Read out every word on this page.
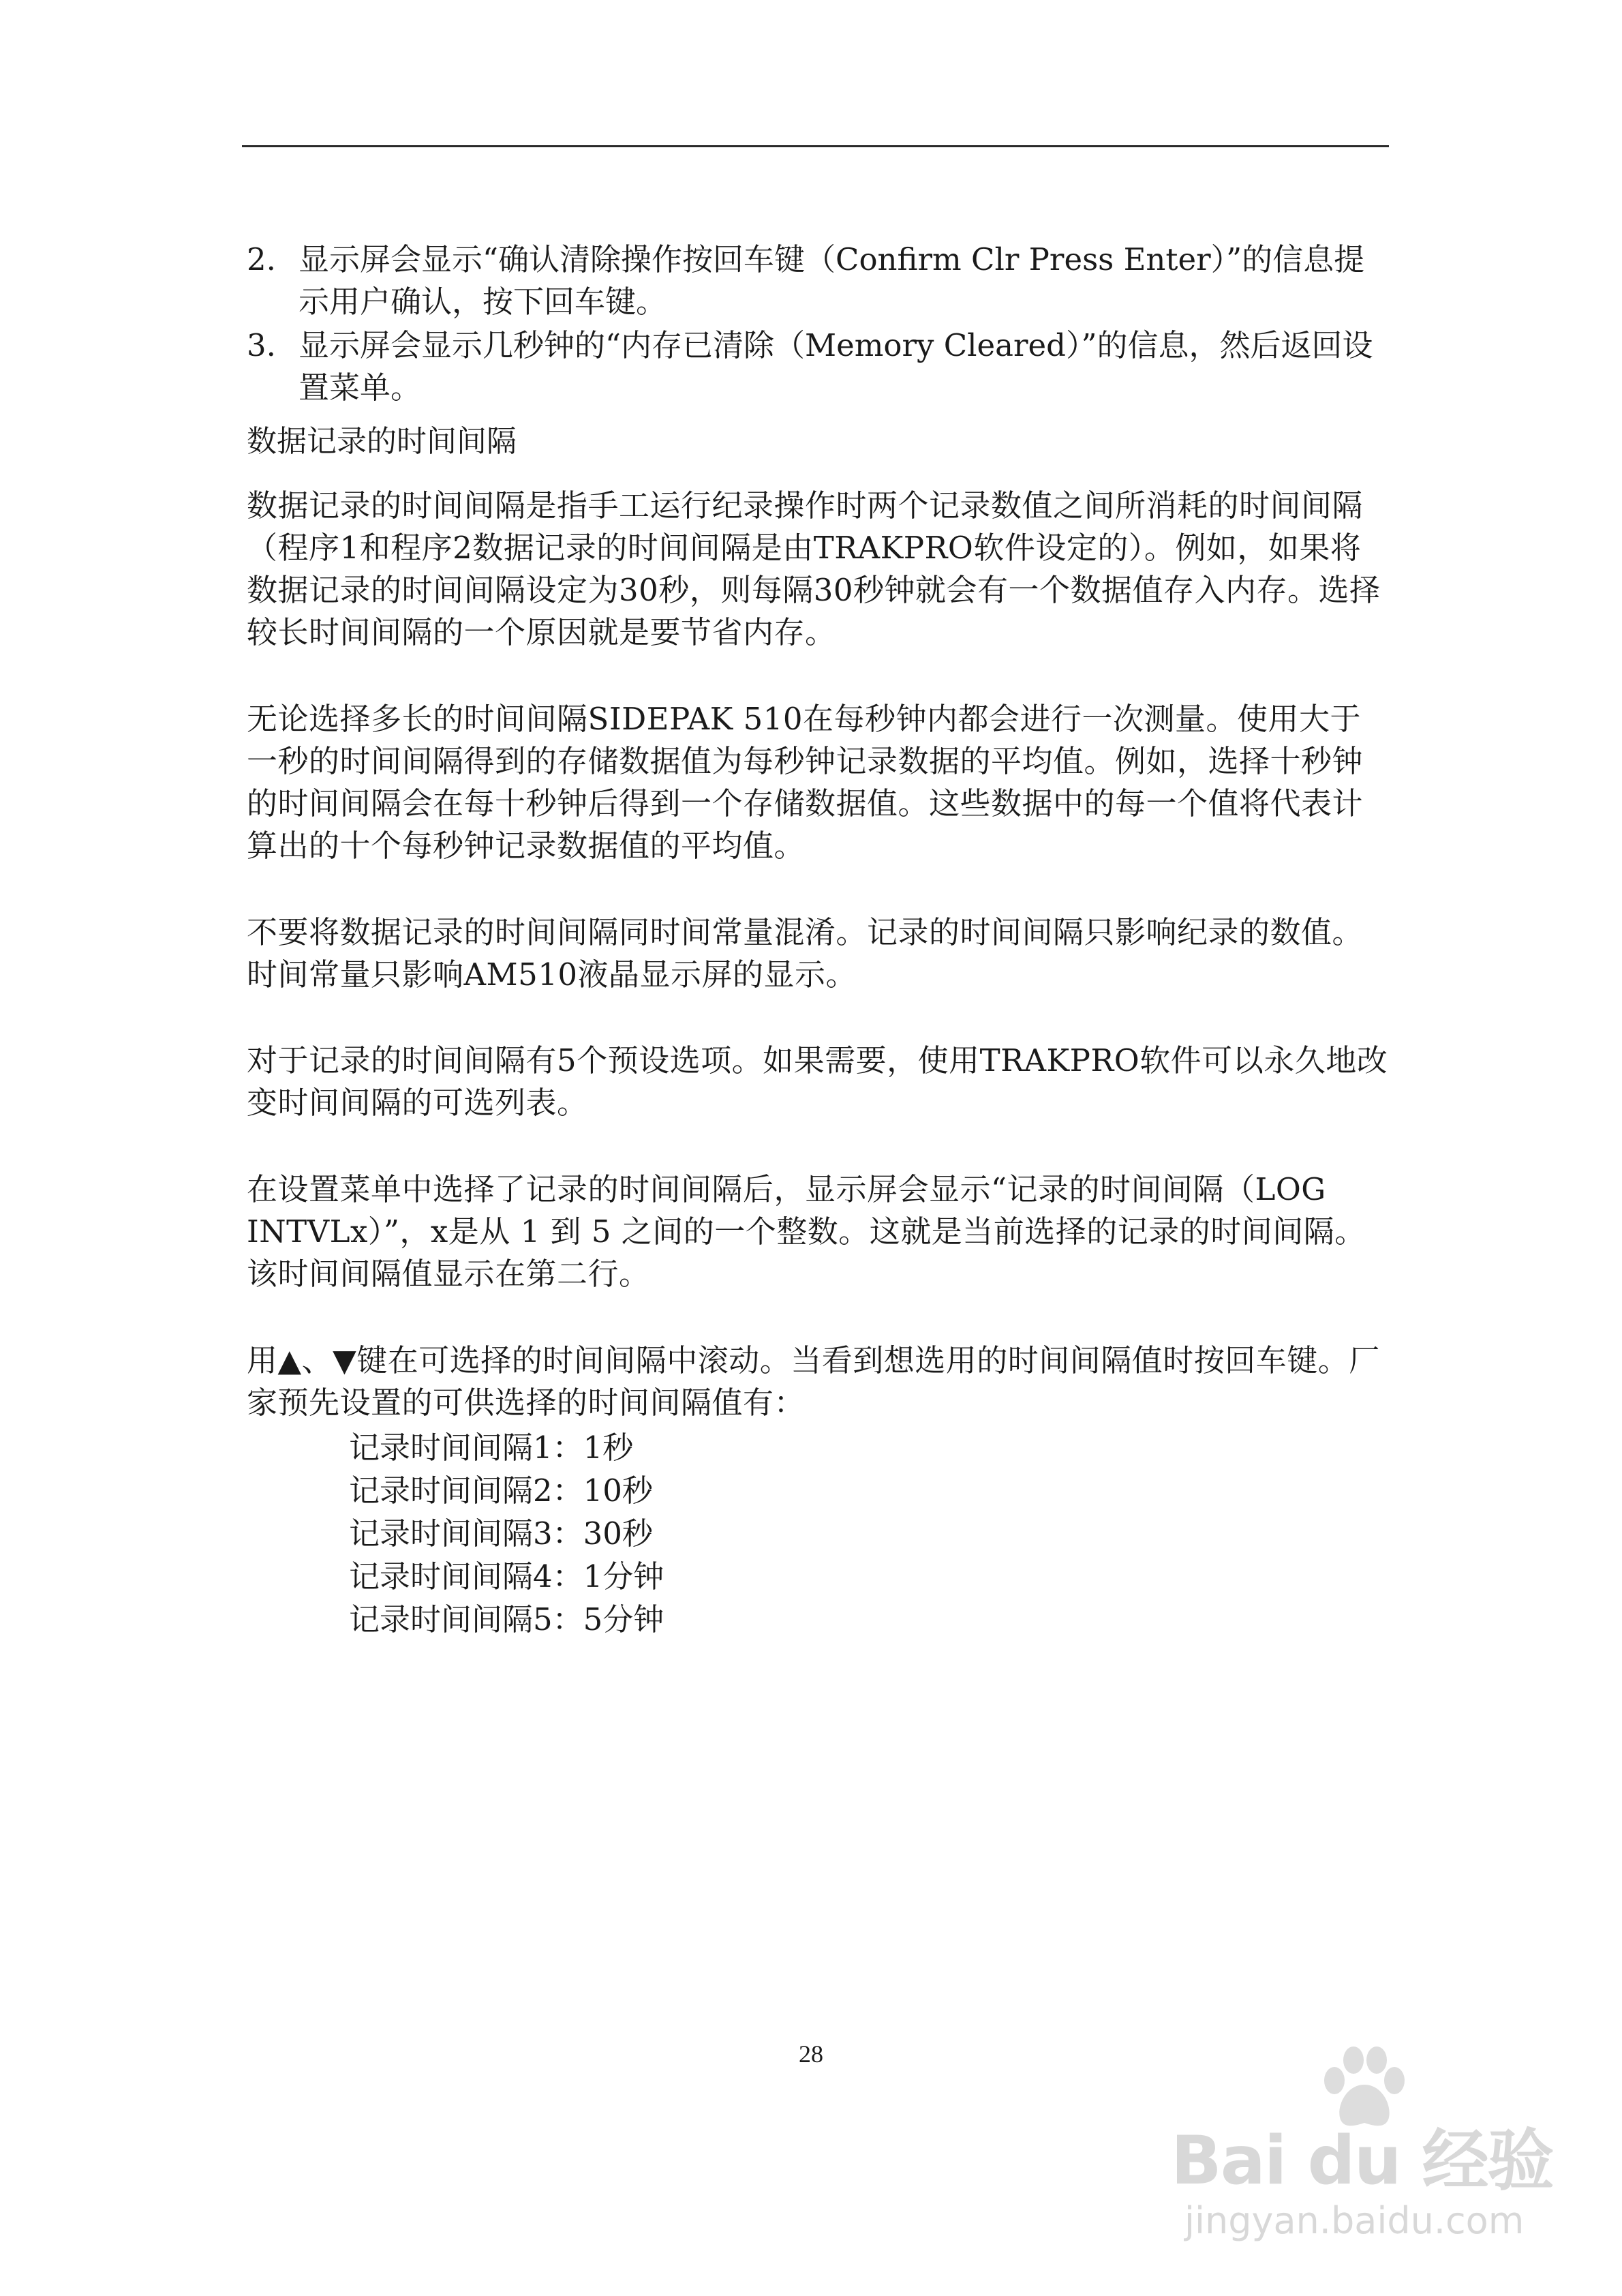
2. 显示屏会显示“确认清除操作按回车键（Confirm Clr Press Enter）”的信息提示用户确认，按下回车键。
3. 显示屏会显示几秒钟的“内存已清除（Memory Cleared）”的信息，然后返回设置菜单。
数据记录的时间间隔
数据记录的时间间隔是指手工运行纪录操作时两个记录数值之间所消耗的时间间隔（程序1和程序2数据记录的时间间隔是由TRAKPRO软件设定的）。例如，如果将数据记录的时间间隔设定为30秒，则每隔30秒钟就会有一个数据值存入内存。选择较长时间间隔的一个原因就是要节省内存。
无论选择多长的时间间隔SIDEPAK 510在每秒钟内都会进行一次测量。使用大于一秒的时间间隔得到的存储数据值为每秒钟记录数据的平均值。例如，选择十秒钟的时间间隔会在每十秒钟后得到一个存储数据值。这些数据中的每一个值将代表计算出的十个每秒钟记录数据值的平均值。
不要将数据记录的时间间隔同时间常量混淆。记录的时间间隔只影响纪录的数值。时间常量只影响AM510液晶显示屏的显示。
对于记录的时间间隔有5个预设选项。如果需要，使用TRAKPRO软件可以永久地改变时间间隔的可选列表。
在设置菜单中选择了记录的时间间隔后，显示屏会显示“记录的时间间隔（LOG INTVLx）”，x是从 1 到 5 之间的一个整数。这就是当前选择的记录的时间间隔。该时间间隔值显示在第二行。
用▲、▼键在可选择的时间间隔中滚动。当看到想选用的时间间隔值时按回车键。厂家预先设置的可供选择的时间间隔值有：
记录时间间隔1：1秒
记录时间间隔2：10秒
记录时间间隔3：30秒
记录时间间隔4：1分钟
记录时间间隔5：5分钟
28
Bai du 经验
jingyan.baidu.com
